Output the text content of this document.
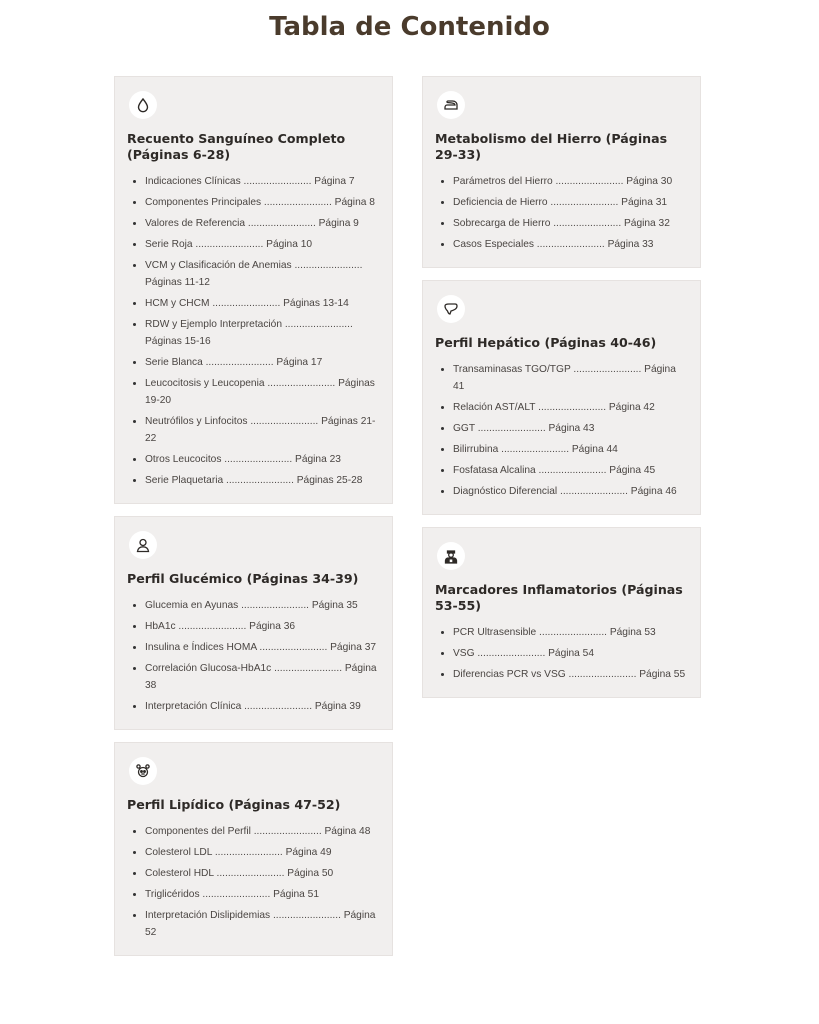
Tabla de Contenido
Recuento Sanguíneo Completo (Páginas 6-28)
• Indicaciones Clínicas ........................ Página 7
• Componentes Principales ........................ Página 8
• Valores de Referencia ........................ Página 9
• Serie Roja ........................ Página 10
• VCM y Clasificación de Anemias ........................ Páginas 11-12
• HCM y CHCM ........................ Páginas 13-14
• RDW y Ejemplo Interpretación ........................ Páginas 15-16
• Serie Blanca ........................ Página 17
• Leucocitosis y Leucopenia ........................ Páginas 19-20
• Neutrófilos y Linfocitos ........................ Páginas 21-22
• Otros Leucocitos ........................ Página 23
• Serie Plaquetaria ........................ Páginas 25-28
Perfil Glucémico (Páginas 34-39)
• Glucemia en Ayunas ........................ Página 35
• HbA1c ........................ Página 36
• Insulina e Índices HOMA ........................ Página 37
• Correlación Glucosa-HbA1c ........................ Página 38
• Interpretación Clínica ........................ Página 39
Perfil Lipídico (Páginas 47-52)
• Componentes del Perfil ........................ Página 48
• Colesterol LDL ........................ Página 49
• Colesterol HDL ........................ Página 50
• Triglicéridos ........................ Página 51
• Interpretación Dislipidemias ........................ Página 52
Metabolismo del Hierro (Páginas 29-33)
• Parámetros del Hierro ........................ Página 30
• Deficiencia de Hierro ........................ Página 31
• Sobrecarga de Hierro ........................ Página 32
• Casos Especiales ........................ Página 33
Perfil Hepático (Páginas 40-46)
• Transaminasas TGO/TGP ........................ Página 41
• Relación AST/ALT ........................ Página 42
• GGT ........................ Página 43
• Bilirrubina ........................ Página 44
• Fosfatasa Alcalina ........................ Página 45
• Diagnóstico Diferencial ........................ Página 46
Marcadores Inflamatorios (Páginas 53-55)
• PCR Ultrasensible ........................ Página 53
• VSG ........................ Página 54
• Diferencias PCR vs VSG ........................ Página 55
